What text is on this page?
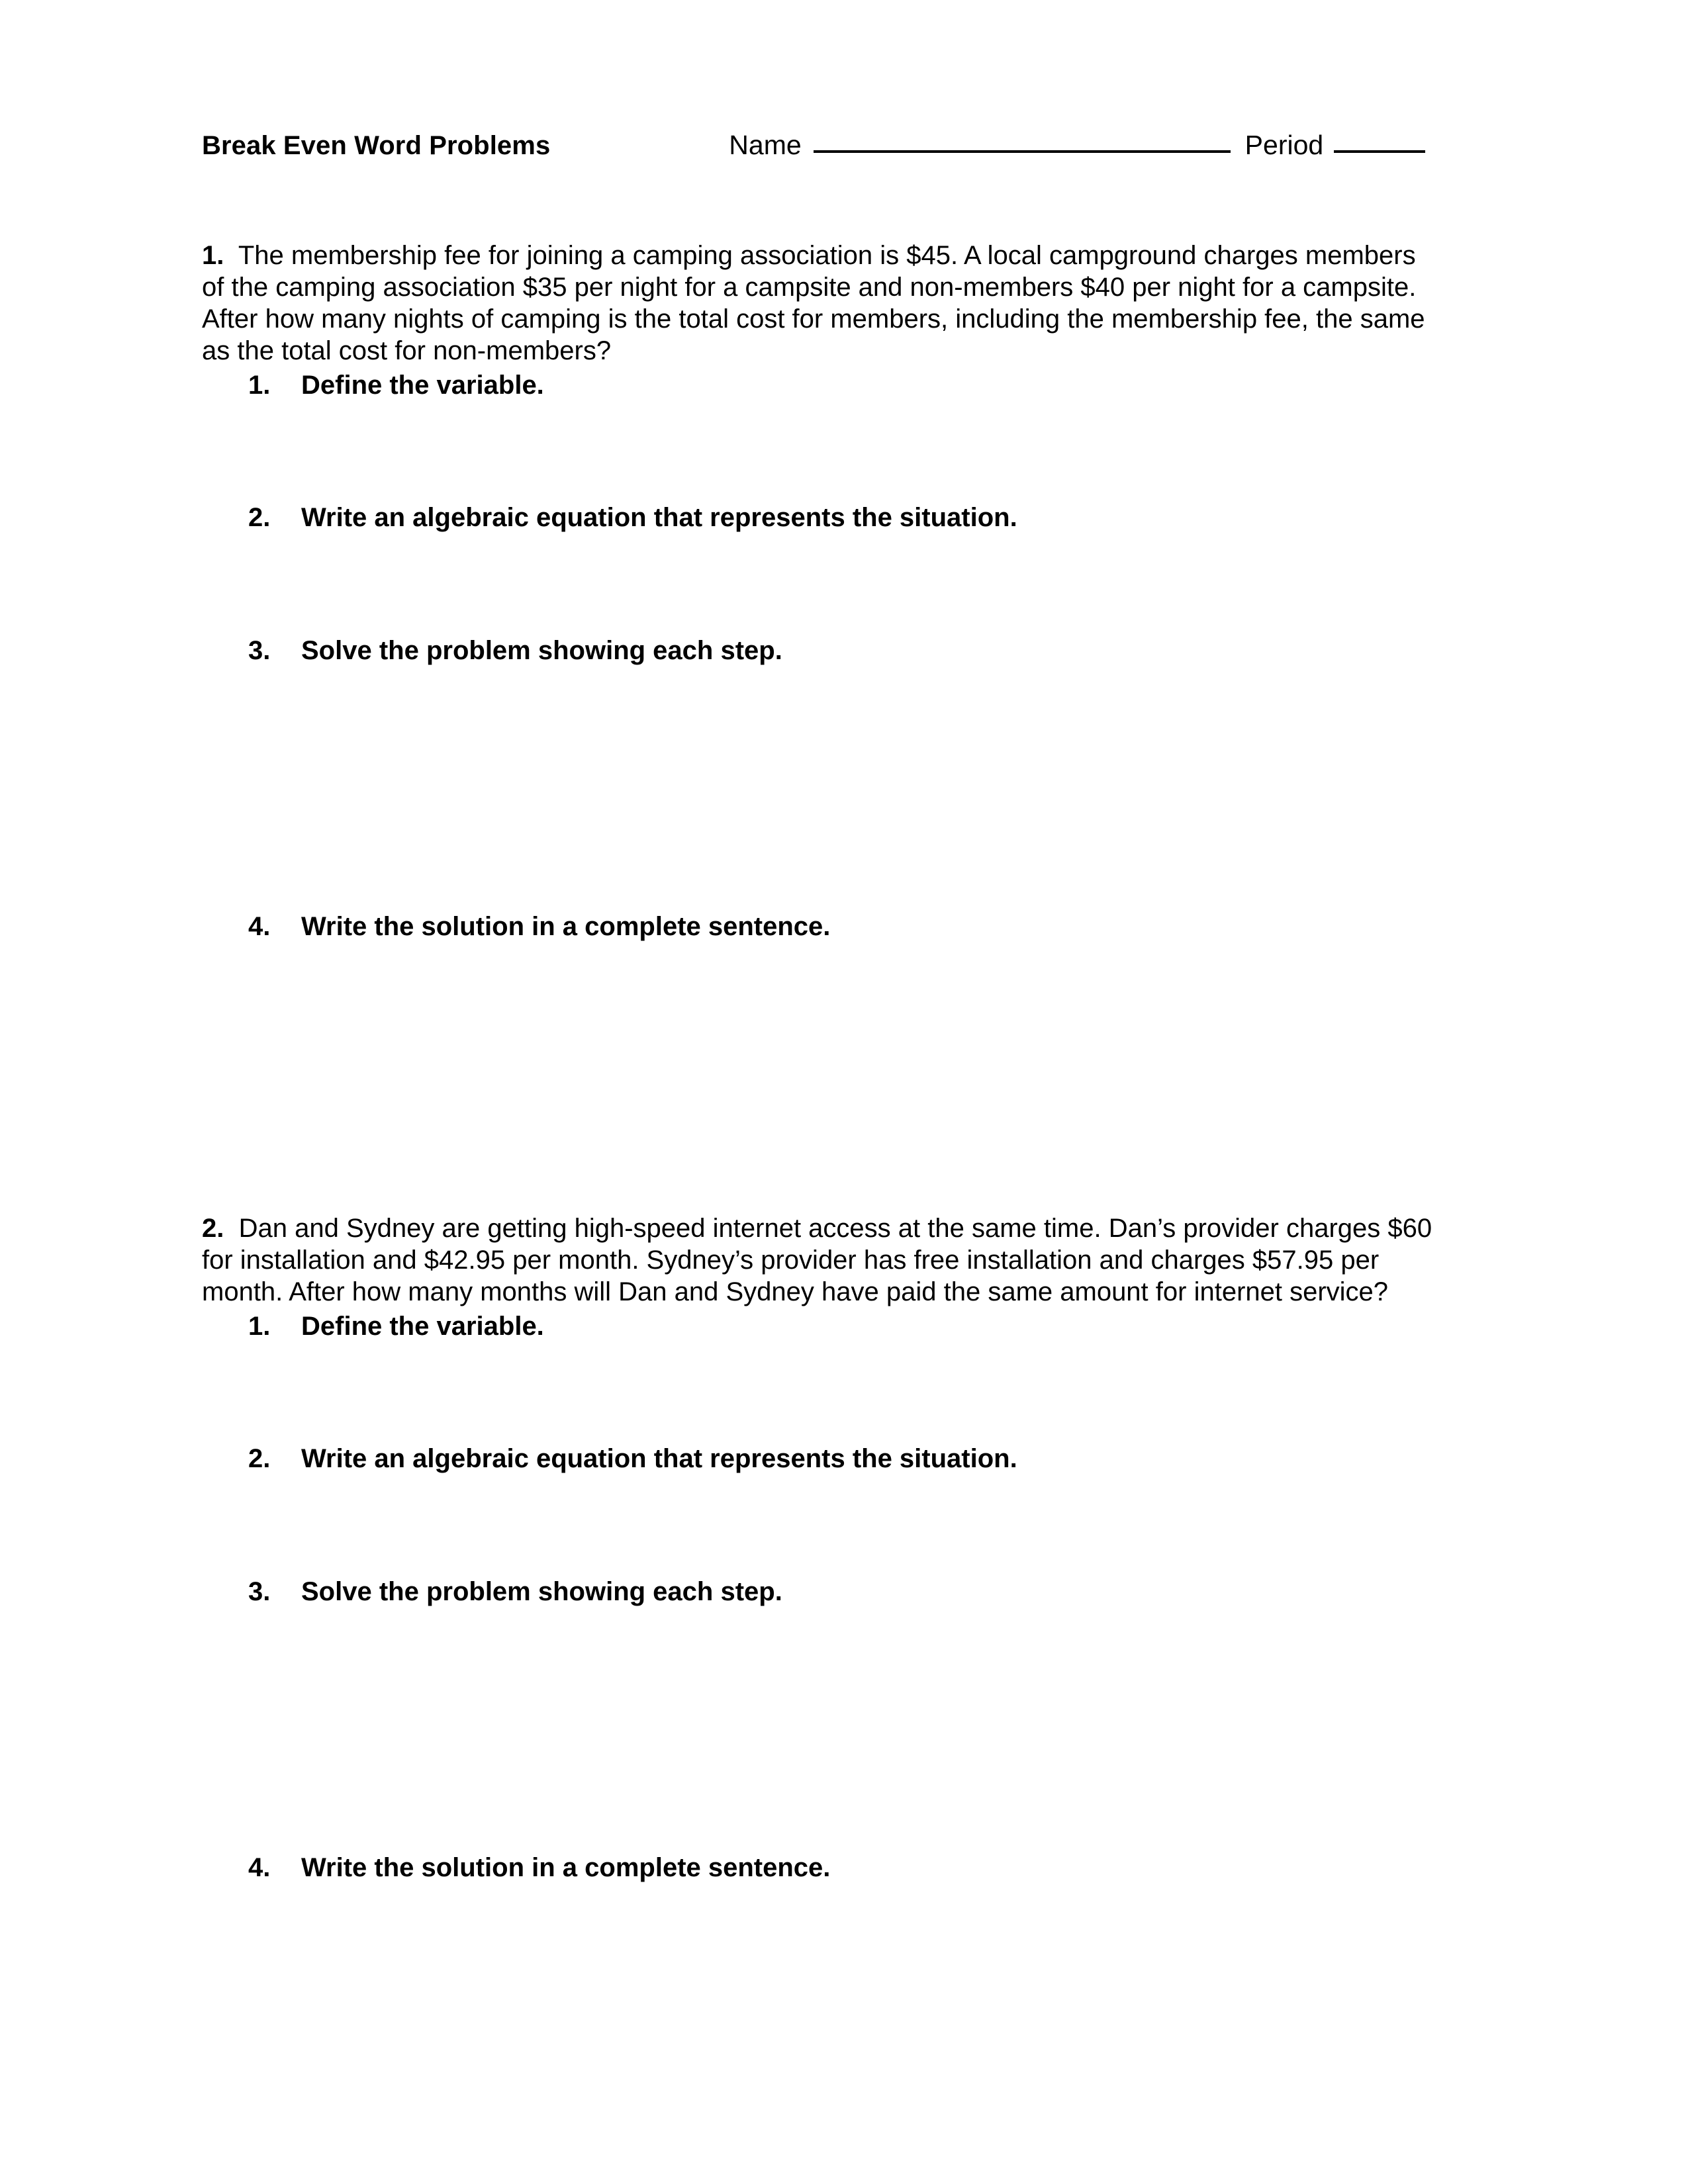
Break Even Word Problems	Name	Period
1. The membership fee for joining a camping association is $45. A local campground charges members of the camping association $35 per night for a campsite and non-members $40 per night for a campsite. After how many nights of camping is the total cost for members, including the membership fee, the same as the total cost for non-members?
1. Define the variable.
2. Write an algebraic equation that represents the situation.
3. Solve the problem showing each step.
4. Write the solution in a complete sentence.
2. Dan and Sydney are getting high-speed internet access at the same time. Dan’s provider charges $60 for installation and $42.95 per month. Sydney’s provider has free installation and charges $57.95 per month. After how many months will Dan and Sydney have paid the same amount for internet service?
1. Define the variable.
2. Write an algebraic equation that represents the situation.
3. Solve the problem showing each step.
4. Write the solution in a complete sentence.
